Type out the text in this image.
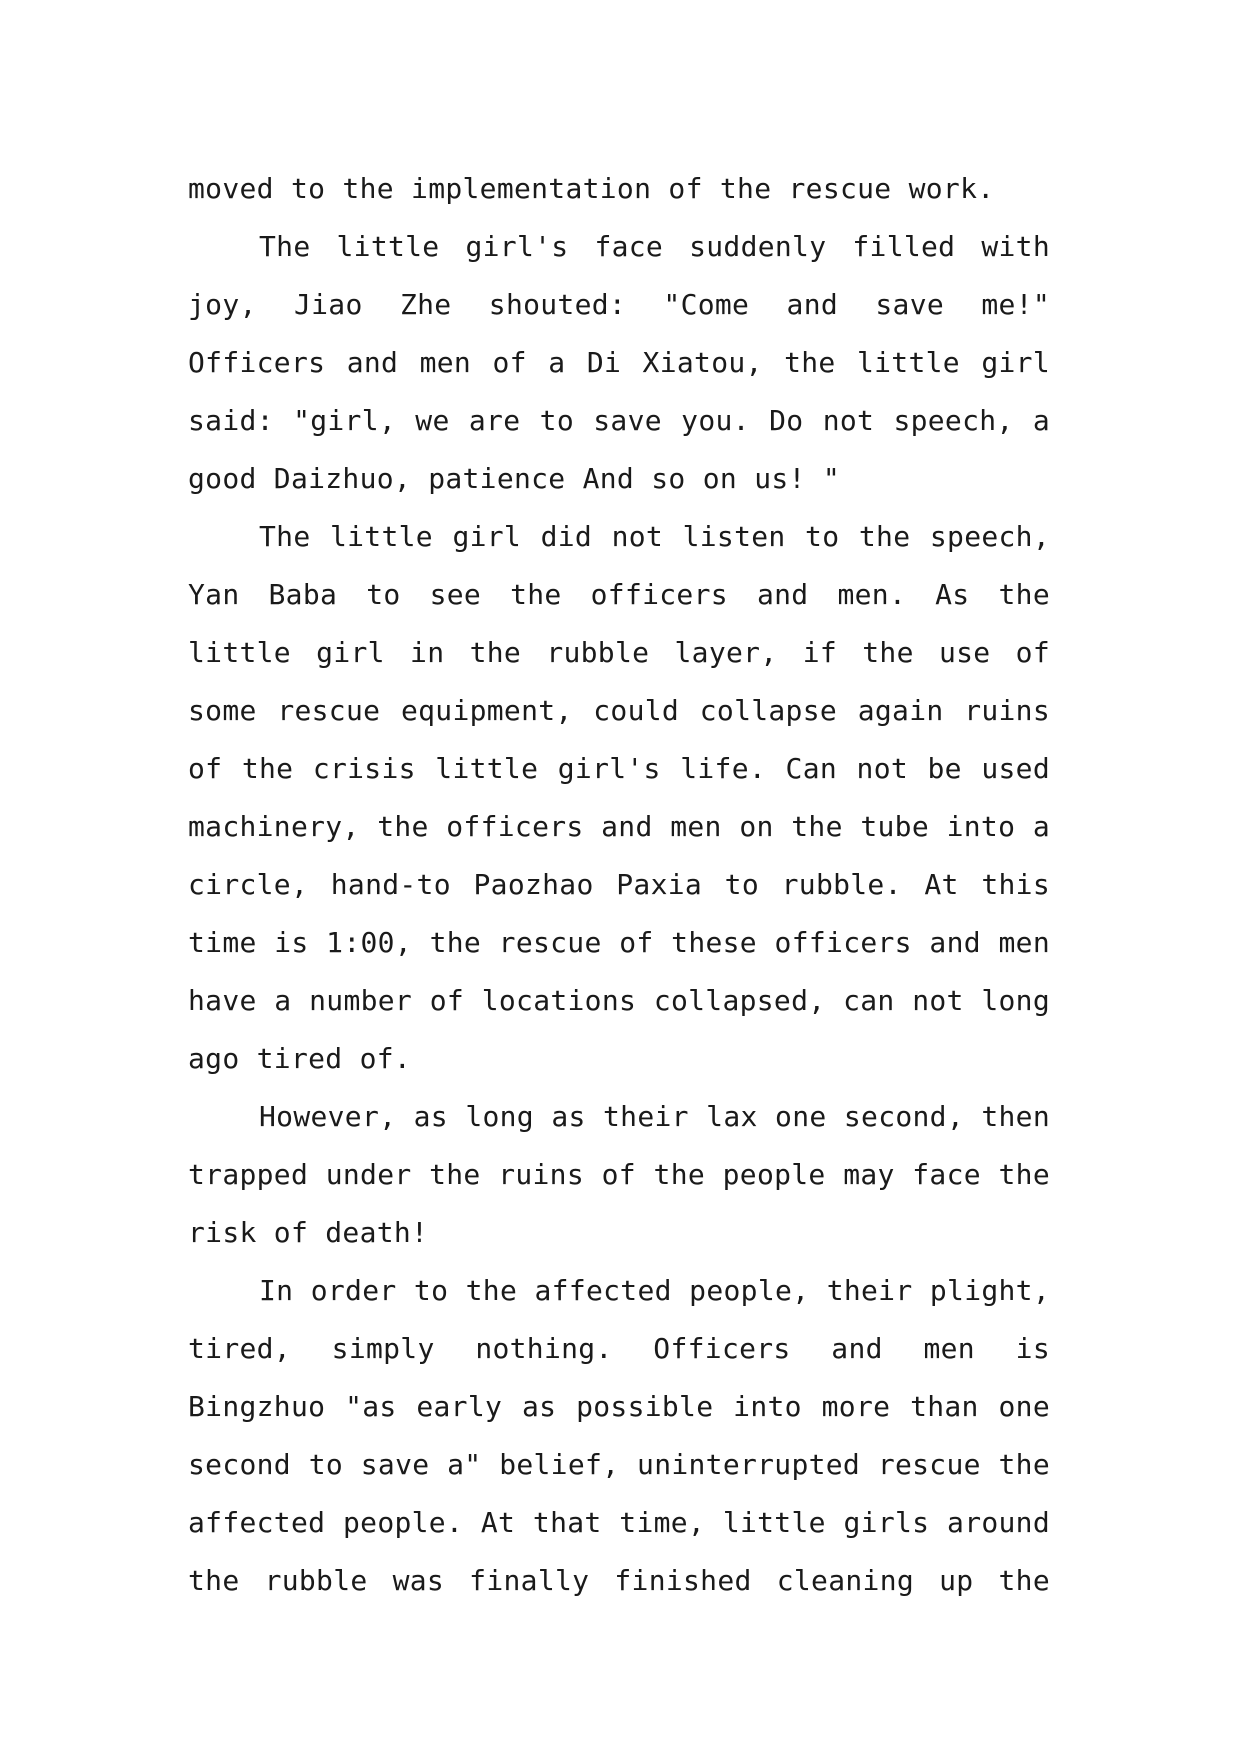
moved to the implementation of the rescue work.

The little girl's face suddenly filled with joy, Jiao Zhe shouted: "Come and save me!" Officers and men of a Di Xiatou, the little girl said: "girl, we are to save you. Do not speech, a good Daizhuo, patience And so on us! "

The little girl did not listen to the speech, Yan Baba to see the officers and men. As the little girl in the rubble layer, if the use of some rescue equipment, could collapse again ruins of the crisis little girl's life. Can not be used machinery, the officers and men on the tube into a circle, hand-to Paozhao Paxia to rubble. At this time is 1:00, the rescue of these officers and men have a number of locations collapsed, can not long ago tired of.

However, as long as their lax one second, then trapped under the ruins of the people may face the risk of death!

In order to the affected people, their plight, tired, simply nothing. Officers and men is Bingzhuo "as early as possible into more than one second to save a" belief, uninterrupted rescue the affected people. At that time, little girls around the rubble was finally finished cleaning up the
